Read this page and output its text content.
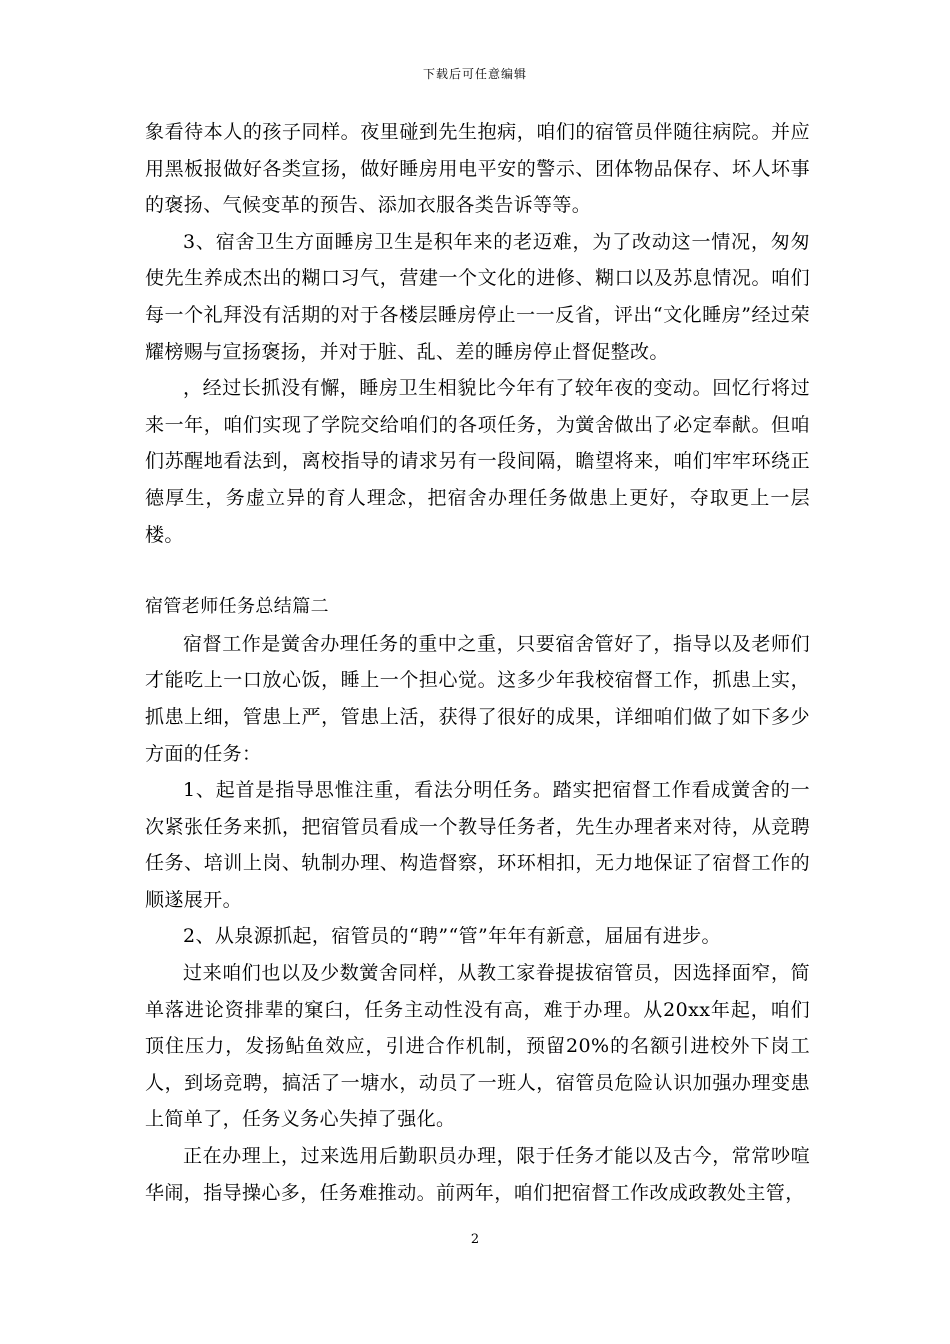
下载后可任意编辑

象看待本人的孩子同样。夜里碰到先生抱病，咱们的宿管员伴随往病院。并应用黑板报做好各类宣扬，做好睡房用电平安的警示、团体物品保存、坏人坏事的褒扬、气候变革的预告、添加衣服各类告诉等等。

3、宿舍卫生方面睡房卫生是积年来的老迈难，为了改动这一情况，匆匆使先生养成杰出的糊口习气，营建一个文化的进修、糊口以及苏息情况。咱们每一个礼拜没有活期的对于各楼层睡房停止一一反省，评出“文化睡房”经过荣耀榜赐与宣扬褒扬，并对于脏、乱、差的睡房停止督促整改。

，经过长抓没有懈，睡房卫生相貌比今年有了较年夜的变动。回忆行将过来一年，咱们实现了学院交给咱们的各项任务，为黉舍做出了必定奉献。但咱们苏醒地看法到，离校指导的请求另有一段间隔，瞻望将来，咱们牢牢环绕正德厚生，务虚立异的育人理念，把宿舍办理任务做患上更好，夺取更上一层楼。

宿管老师任务总结篇二

宿督工作是黉舍办理任务的重中之重，只要宿舍管好了，指导以及老师们才能吃上一口放心饭，睡上一个担心觉。这多少年我校宿督工作，抓患上实，抓患上细，管患上严，管患上活，获得了很好的成果，详细咱们做了如下多少方面的任务：

1、起首是指导思惟注重，看法分明任务。踏实把宿督工作看成黉舍的一次紧张任务来抓，把宿管员看成一个教导任务者，先生办理者来对待，从竞聘任务、培训上岗、轨制办理、构造督察，环环相扣，无力地保证了宿督工作的顺遂展开。

2、从泉源抓起，宿管员的“聘”“管”年年有新意，届届有进步。

过来咱们也以及少数黉舍同样，从教工家眷提拔宿管员，因选择面窄，简单落进论资排辈的窠臼，任务主动性没有高，难于办理。从20xx年起，咱们顶住压力，发扬鲇鱼效应，引进合作机制，预留20%的名额引进校外下岗工人，到场竞聘，搞活了一塘水，动员了一班人，宿管员危险认识加强办理变患上简单了，任务义务心失掉了强化。

正在办理上，过来选用后勤职员办理，限于任务才能以及古今，常常吵喧华闹，指导操心多，任务难推动。前两年，咱们把宿督工作改成政教处主管，

2
